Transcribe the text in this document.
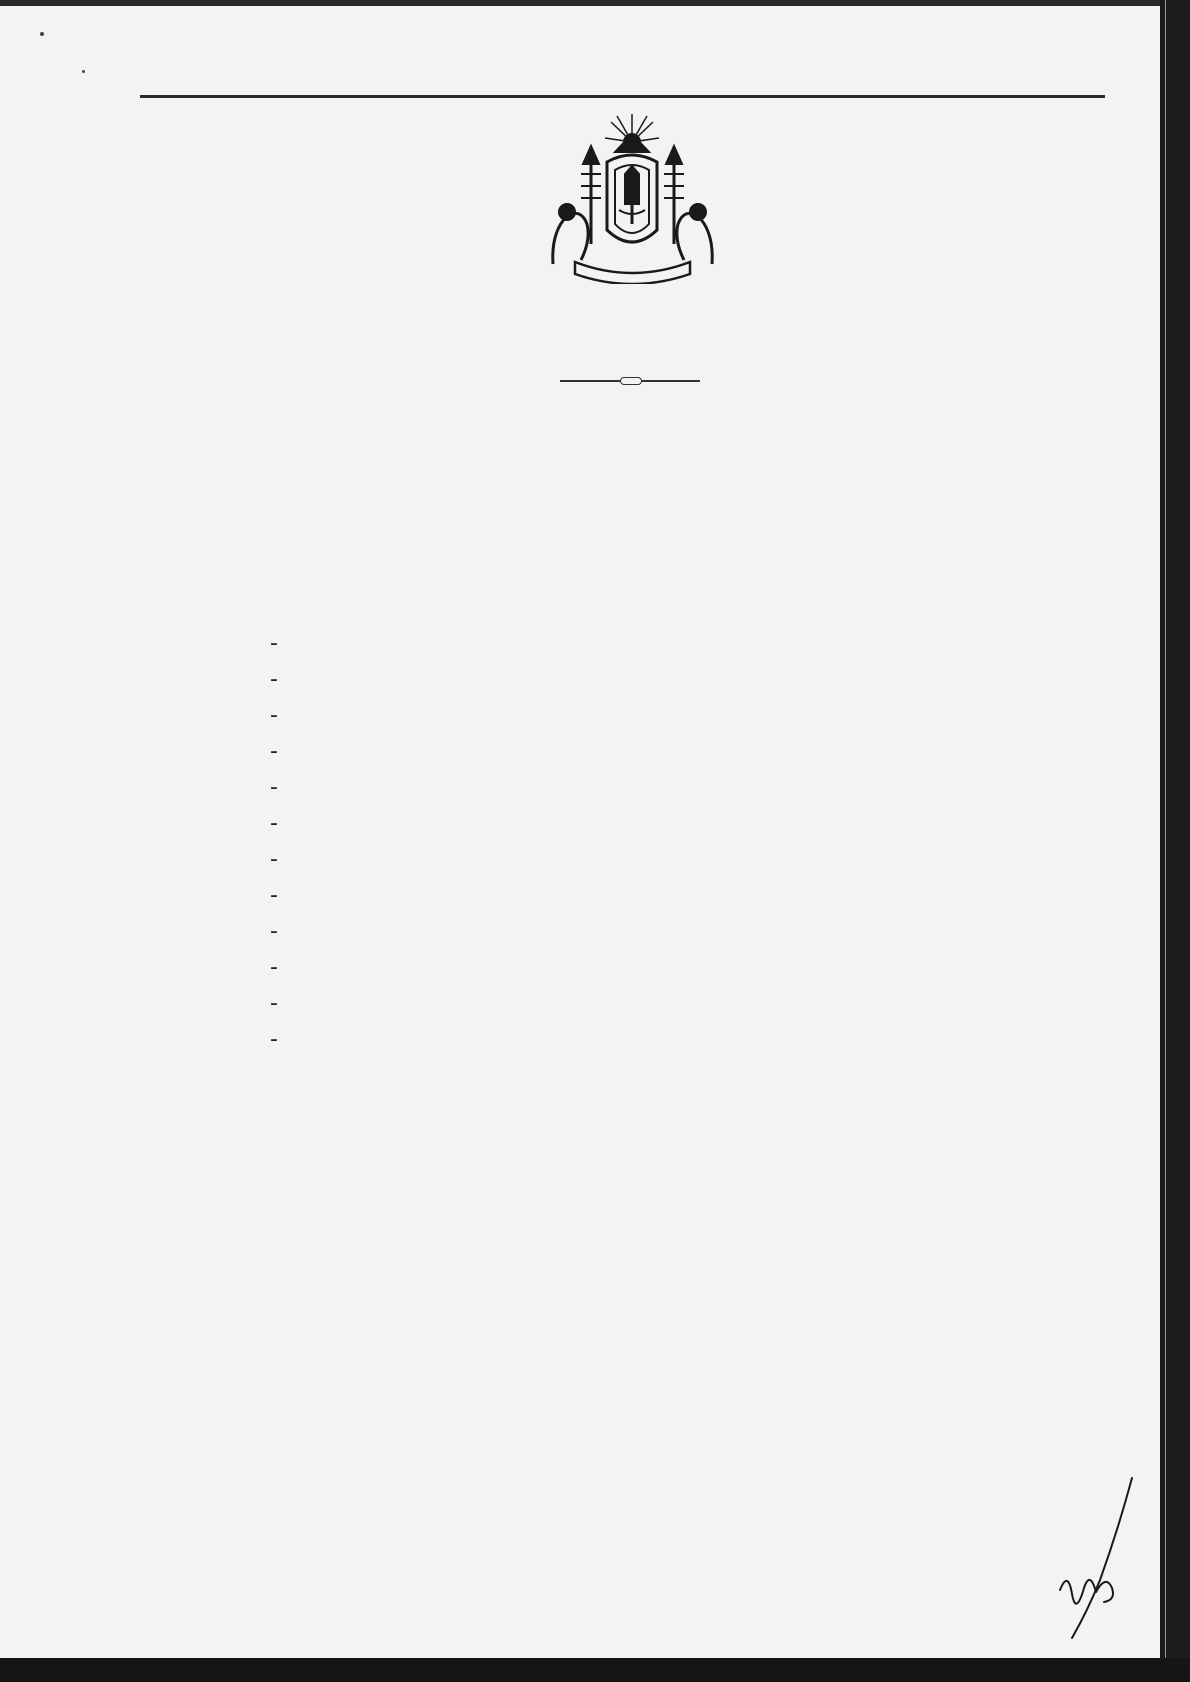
-
-
-
-
-
-
-
-
-
-
-
-
